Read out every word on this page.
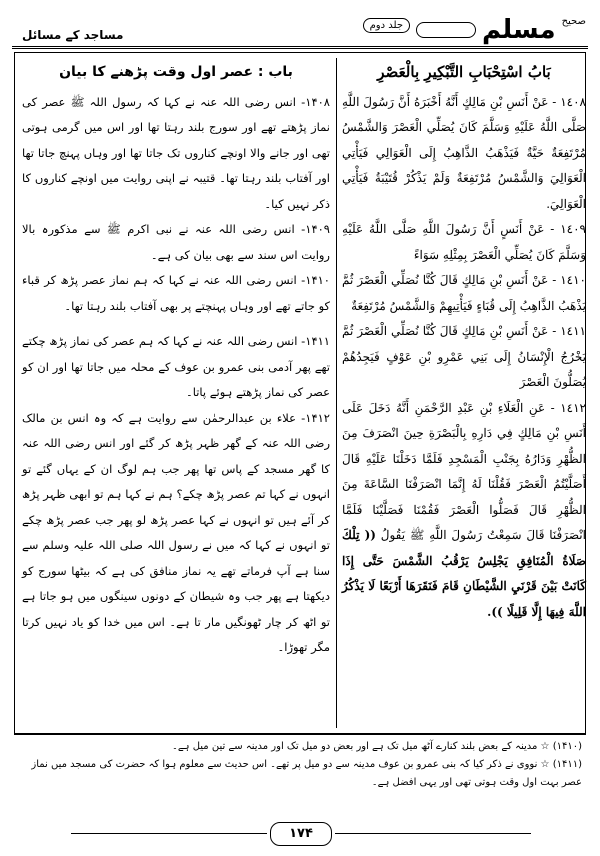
مساجد کے مسائل
صحیح
مسلم
جلد دوم
بَابُ اسْتِحْبَابِ التَّبْكِيرِ بِالْعَصْرِ

١٤٠٨ - عَنْ أَنَسِ بْنِ مَالِكٍ أَنَّهُ أَخْبَرَهُ أَنَّ رَسُولَ اللَّهِ صَلَّى اللَّهُ عَلَيْهِ وَسَلَّمَ كَانَ يُصَلِّي الْعَصْرَ وَالشَّمْسُ مُرْتَفِعَةٌ حَيَّةٌ فَيَذْهَبُ الذَّاهِبُ إِلَى الْعَوَالِي فَيَأْتِي الْعَوَالِيَ وَالشَّمْسُ مُرْتَفِعَةٌ وَلَمْ يَذْكُرْ قُتَيْبَةُ فَيَأْتِي الْعَوَالِيَ.

١٤٠٩ - عَنْ أَنَسٍ أَنَّ رَسُولَ اللَّهِ صَلَّى اللَّهُ عَلَيْهِ وَسَلَّمَ كَانَ يُصَلِّي الْعَصْرَ بِمِثْلِهِ سَوَاءً

١٤١٠ - عَنْ أَنَسِ بْنِ مَالِكٍ قَالَ كُنَّا نُصَلِّي الْعَصْرَ ثُمَّ يَذْهَبُ الذَّاهِبُ إِلَى قُبَاءٍ فَيَأْتِيهِمْ وَالشَّمْسُ مُرْتَفِعَةٌ

١٤١١ - عَنْ أَنَسِ بْنِ مَالِكٍ قَالَ كُنَّا نُصَلِّي الْعَصْرَ ثُمَّ يَخْرُجُ الْإِنْسَانُ إِلَى بَنِي عَمْرِو بْنِ عَوْفٍ فَيَجِدُهُمْ يُصَلُّونَ الْعَصْرَ

١٤١٢ - عَنِ الْعَلَاءِ بْنِ عَبْدِ الرَّحْمَنِ أَنَّهُ دَخَلَ عَلَى أَنَسِ بْنِ مَالِكٍ فِي دَارِهِ بِالْبَصْرَةِ حِينَ انْصَرَفَ مِنَ الظُّهْرِ وَدَارُهُ بِجَنْبِ الْمَسْجِدِ فَلَمَّا دَخَلْنَا عَلَيْهِ قَالَ أَصَلَّيْتُمُ الْعَصْرَ فَقُلْنَا لَهُ إِنَّمَا انْصَرَفْنَا السَّاعَةَ مِنَ الظُّهْرِ قَالَ فَصَلُّوا الْعَصْرَ فَقُمْنَا فَصَلَّيْنَا فَلَمَّا انْصَرَفْنَا قَالَ سَمِعْتُ رَسُولَ اللَّهِ ﷺ يَقُولُ (( تِلْكَ صَلَاةُ الْمُنَافِقِ يَجْلِسُ يَرْقُبُ الشَّمْسَ حَتَّى إِذَا كَانَتْ بَيْنَ قَرْنَيِ الشَّيْطَانِ قَامَ فَنَقَرَهَا أَرْبَعًا لَا يَذْكُرُ اللَّهَ فِيهَا إِلَّا قَلِيلًا )).

باب : عصر اول وقت پڑھنے کا بیان

۱۴۰۸- انس رضی اللہ عنہ نے کہا کہ رسول اللہ ﷺ عصر کی نماز پڑھتے تھے اور سورج بلند رہتا تھا اور اس میں گرمی ہوتی تھی اور جانے والا اونچے کناروں تک جاتا تھا اور وہاں پہنچ جاتا تھا اور آفتاب بلند رہتا تھا۔ قتیبہ نے اپنی روایت میں اونچے کناروں کا ذکر نہیں کیا۔

۱۴۰۹- انس رضی اللہ عنہ نے نبی اکرم ﷺ سے مذکورہ بالا روایت اس سند سے بھی بیان کی ہے۔

۱۴۱۰- انس رضی اللہ عنہ نے کہا کہ ہم نماز عصر پڑھ کر قباء کو جاتے تھے اور وہاں پہنچتے پر بھی آفتاب بلند رہتا تھا۔

۱۴۱۱- انس رضی اللہ عنہ نے کہا کہ ہم عصر کی نماز پڑھ چکتے تھے پھر آدمی بنی عمرو بن عوف کے محلہ میں جاتا تھا اور ان کو عصر کی نماز پڑھتے ہوئے پاتا۔

۱۴۱۲- علاء بن عبدالرحمٰن سے روایت ہے کہ وہ انس بن مالک رضی اللہ عنہ کے گھر ظہر پڑھ کر گئے اور انس رضی اللہ عنہ کا گھر مسجد کے پاس تھا پھر جب ہم لوگ ان کے یہاں گئے تو انہوں نے کہا تم عصر پڑھ چکے؟ ہم نے کہا ہم تو ابھی ظہر پڑھ کر آئے ہیں تو انہوں نے کہا عصر پڑھ لو پھر جب عصر پڑھ چکے تو انہوں نے کہا کہ میں نے رسول اللہ صلی اللہ علیہ وسلم سے سنا ہے آپ فرماتے تھے یہ نماز منافق کی ہے کہ بیٹھا سورج کو دیکھتا ہے پھر جب وہ شیطان کے دونوں سینگوں میں ہو جاتا ہے تو اٹھ کر چار ٹھونگیں مار تا ہے۔ اس میں خدا کو یاد نہیں کرتا مگر تھوڑا۔

(۱۴۱۰) ☆ مدینہ کے بعض بلند کنارے آٹھ میل تک ہے اور بعض دو میل تک اور مدینہ سے تین میل ہے۔

(۱۴۱۱) ☆ نووی نے ذکر کیا کہ بنی عمرو بن عوف مدینہ سے دو میل پر تھے۔ اس حدیث سے معلوم ہوا کہ حضرت کی مسجد میں نماز عصر بہت اول وقت ہوتی تھی اور یہی افضل ہے۔

۱۷۴
